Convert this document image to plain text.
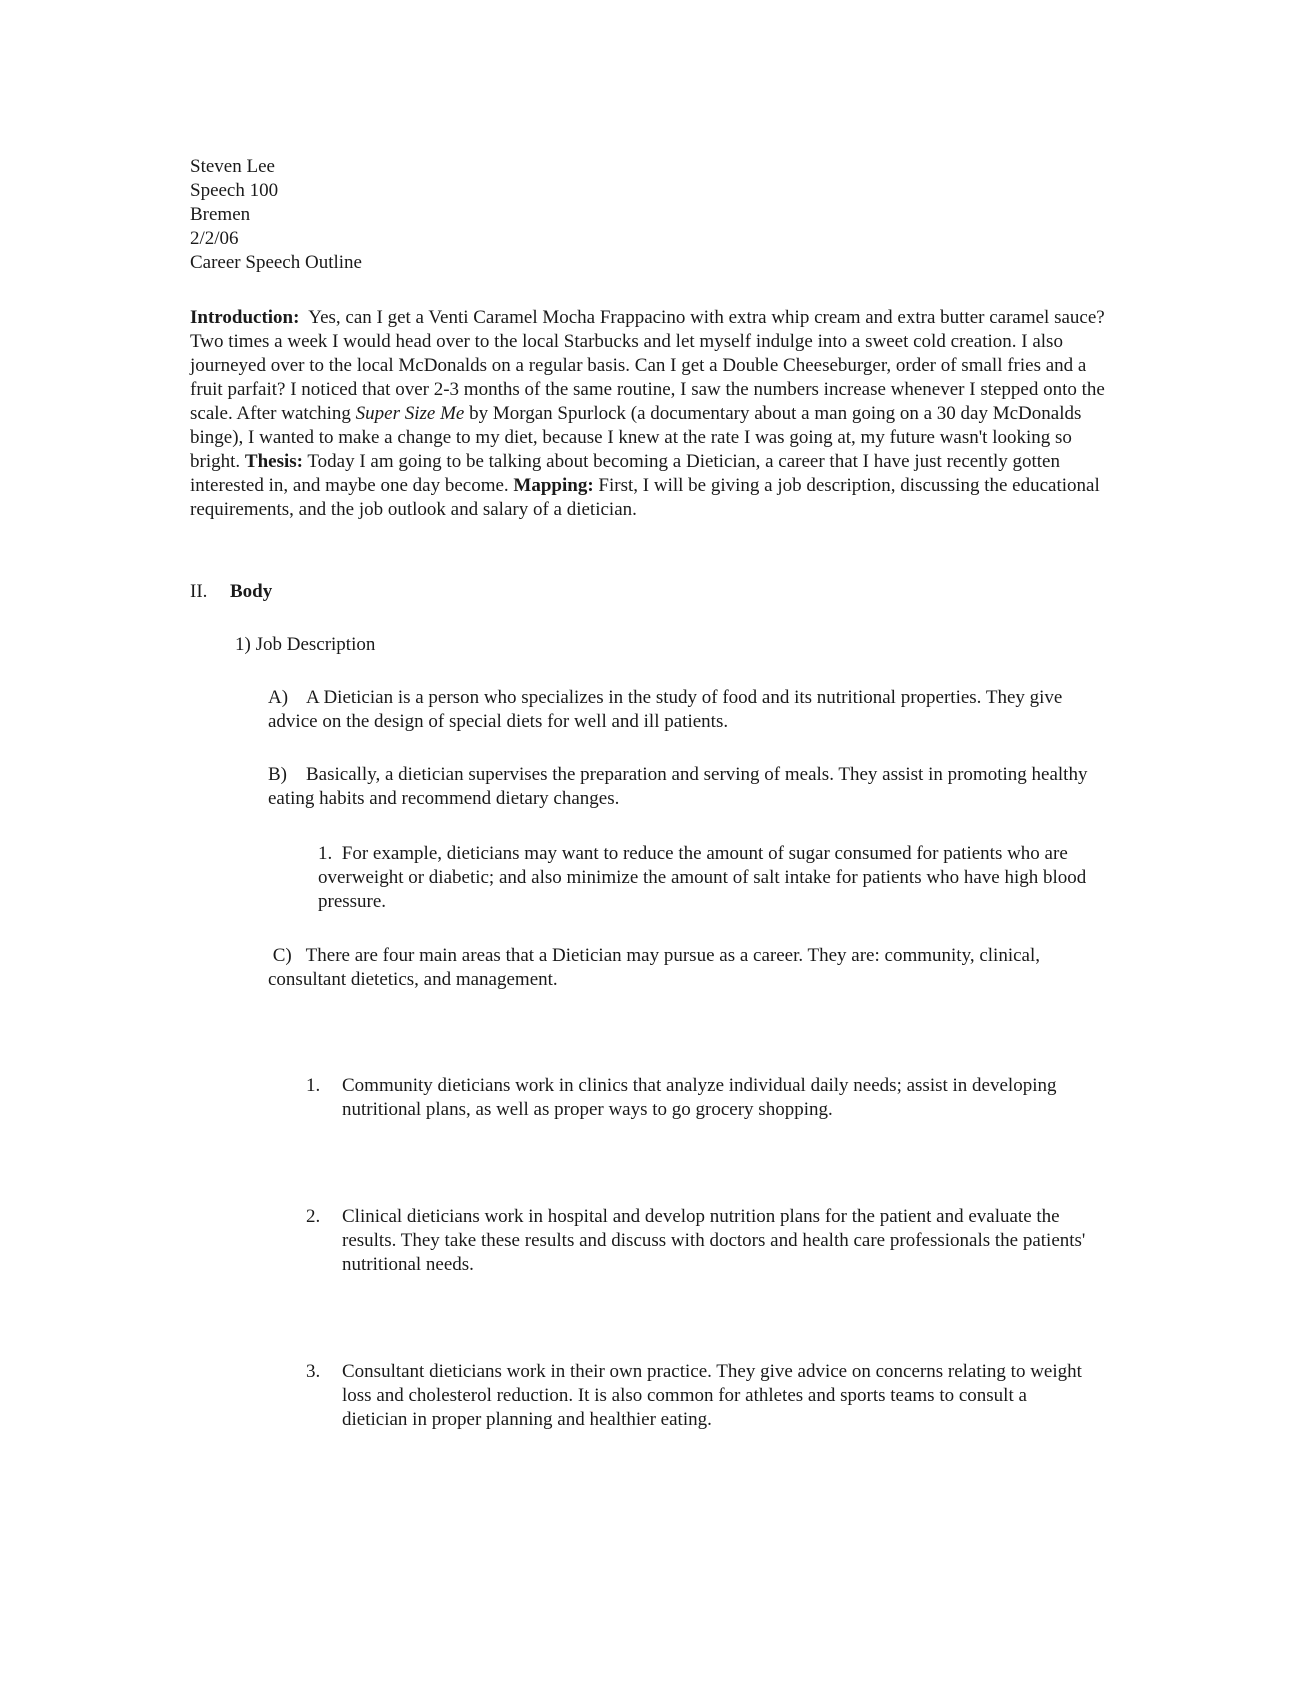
Steven Lee
Speech 100
Bremen
2/2/06
Career Speech Outline
Introduction: Yes, can I get a Venti Caramel Mocha Frappacino with extra whip cream and extra butter caramel sauce? Two times a week I would head over to the local Starbucks and let myself indulge into a sweet cold creation. I also journeyed over to the local McDonalds on a regular basis. Can I get a Double Cheeseburger, order of small fries and a fruit parfait? I noticed that over 2-3 months of the same routine, I saw the numbers increase whenever I stepped onto the scale. After watching Super Size Me by Morgan Spurlock (a documentary about a man going on a 30 day McDonalds binge), I wanted to make a change to my diet, because I knew at the rate I was going at, my future wasn't looking so bright. Thesis: Today I am going to be talking about becoming a Dietician, a career that I have just recently gotten interested in, and maybe one day become. Mapping: First, I will be giving a job description, discussing the educational requirements, and the job outlook and salary of a dietician.
II. Body
1) Job Description
A) A Dietician is a person who specializes in the study of food and its nutritional properties. They give advice on the design of special diets for well and ill patients.
B) Basically, a dietician supervises the preparation and serving of meals. They assist in promoting healthy eating habits and recommend dietary changes.
1. For example, dieticians may want to reduce the amount of sugar consumed for patients who are overweight or diabetic; and also minimize the amount of salt intake for patients who have high blood pressure.
C) There are four main areas that a Dietician may pursue as a career. They are: community, clinical, consultant dietetics, and management.
1.	Community dieticians work in clinics that analyze individual daily needs; assist in developing nutritional plans, as well as proper ways to go grocery shopping.
2.	Clinical dieticians work in hospital and develop nutrition plans for the patient and evaluate the results. They take these results and discuss with doctors and health care professionals the patients' nutritional needs.
3.	Consultant dieticians work in their own practice. They give advice on concerns relating to weight loss and cholesterol reduction. It is also common for athletes and sports teams to consult a dietician in proper planning and healthier eating.
